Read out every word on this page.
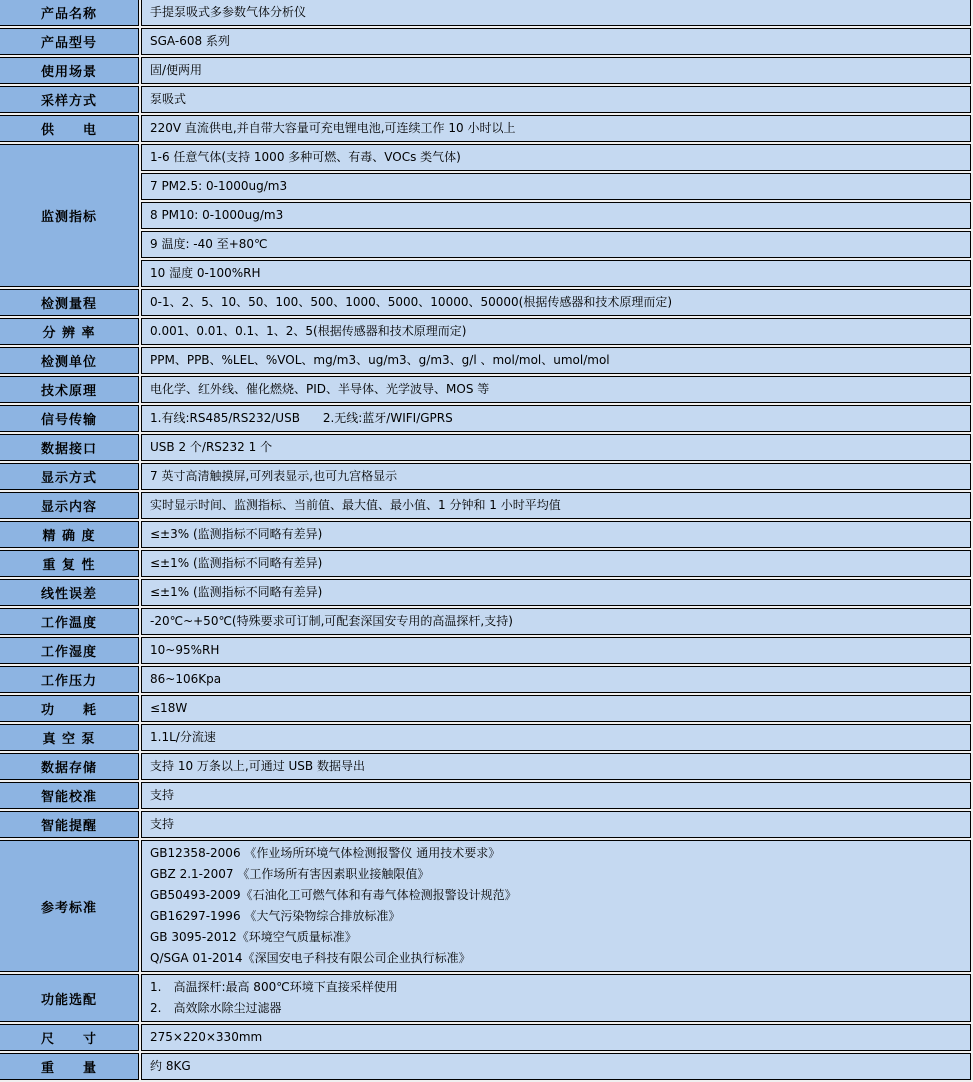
产品名称	手提泵吸式多参数气体分析仪

产品型号	SGA-608 系列

使用场景	固/便两用

采样方式	泵吸式

供　　电	220V 直流供电,并自带大容量可充电锂电池,可连续工作 10 小时以上

监测指标	1-6 任意气体(支持 1000 多种可燃、有毒、VOCs 类气体)

	7 PM2.5: 0-1000ug/m3

	8 PM10: 0-1000ug/m3

	9 温度: -40 至+80℃

	10 湿度 0-100%RH

检测量程	0-1、2、5、10、50、100、500、1000、5000、10000、50000(根据传感器和技术原理而定)

分 辨 率	0.001、0.01、0.1、1、2、5(根据传感器和技术原理而定)

检测单位	PPM、PPB、%LEL、%VOL、mg/m3、ug/m3、g/m3、g/l 、mol/mol、umol/mol

技术原理	电化学、红外线、催化燃烧、PID、半导体、光学波导、MOS 等

信号传输	1.有线:RS485/RS232/USB      2.无线:蓝牙/WIFI/GPRS

数据接口	USB 2 个/RS232 1 个

显示方式	7 英寸高清触摸屏,可列表显示,也可九宫格显示

显示内容	实时显示时间、监测指标、当前值、最大值、最小值、1 分钟和 1 小时平均值

精 确 度	≤±3% (监测指标不同略有差异)

重 复 性	≤±1% (监测指标不同略有差异)

线性误差	≤±1% (监测指标不同略有差异)

工作温度	-20℃~+50℃(特殊要求可订制,可配套深国安专用的高温探杆,支持)

工作湿度	10~95%RH

工作压力	86~106Kpa

功　　耗	≤18W

真 空 泵	1.1L/分流速

数据存储	支持 10 万条以上,可通过 USB 数据导出

智能校准	支持

智能提醒	支持

参考标准	
GB12358-2006 《作业场所环境气体检测报警仪 通用技术要求》
GBZ 2.1-2007 《工作场所有害因素职业接触限值》
GB50493-2009《石油化工可燃气体和有毒气体检测报警设计规范》
GB16297-1996 《大气污染物综合排放标准》
GB 3095-2012《环境空气质量标准》
Q/SGA 01-2014《深国安电子科技有限公司企业执行标准》

功能选配	1.　高温探杆:最高 800℃环境下直接采样使用
2.　高效除水除尘过滤器

尺　　寸	275×220×330mm

重　　量	约 8KG
